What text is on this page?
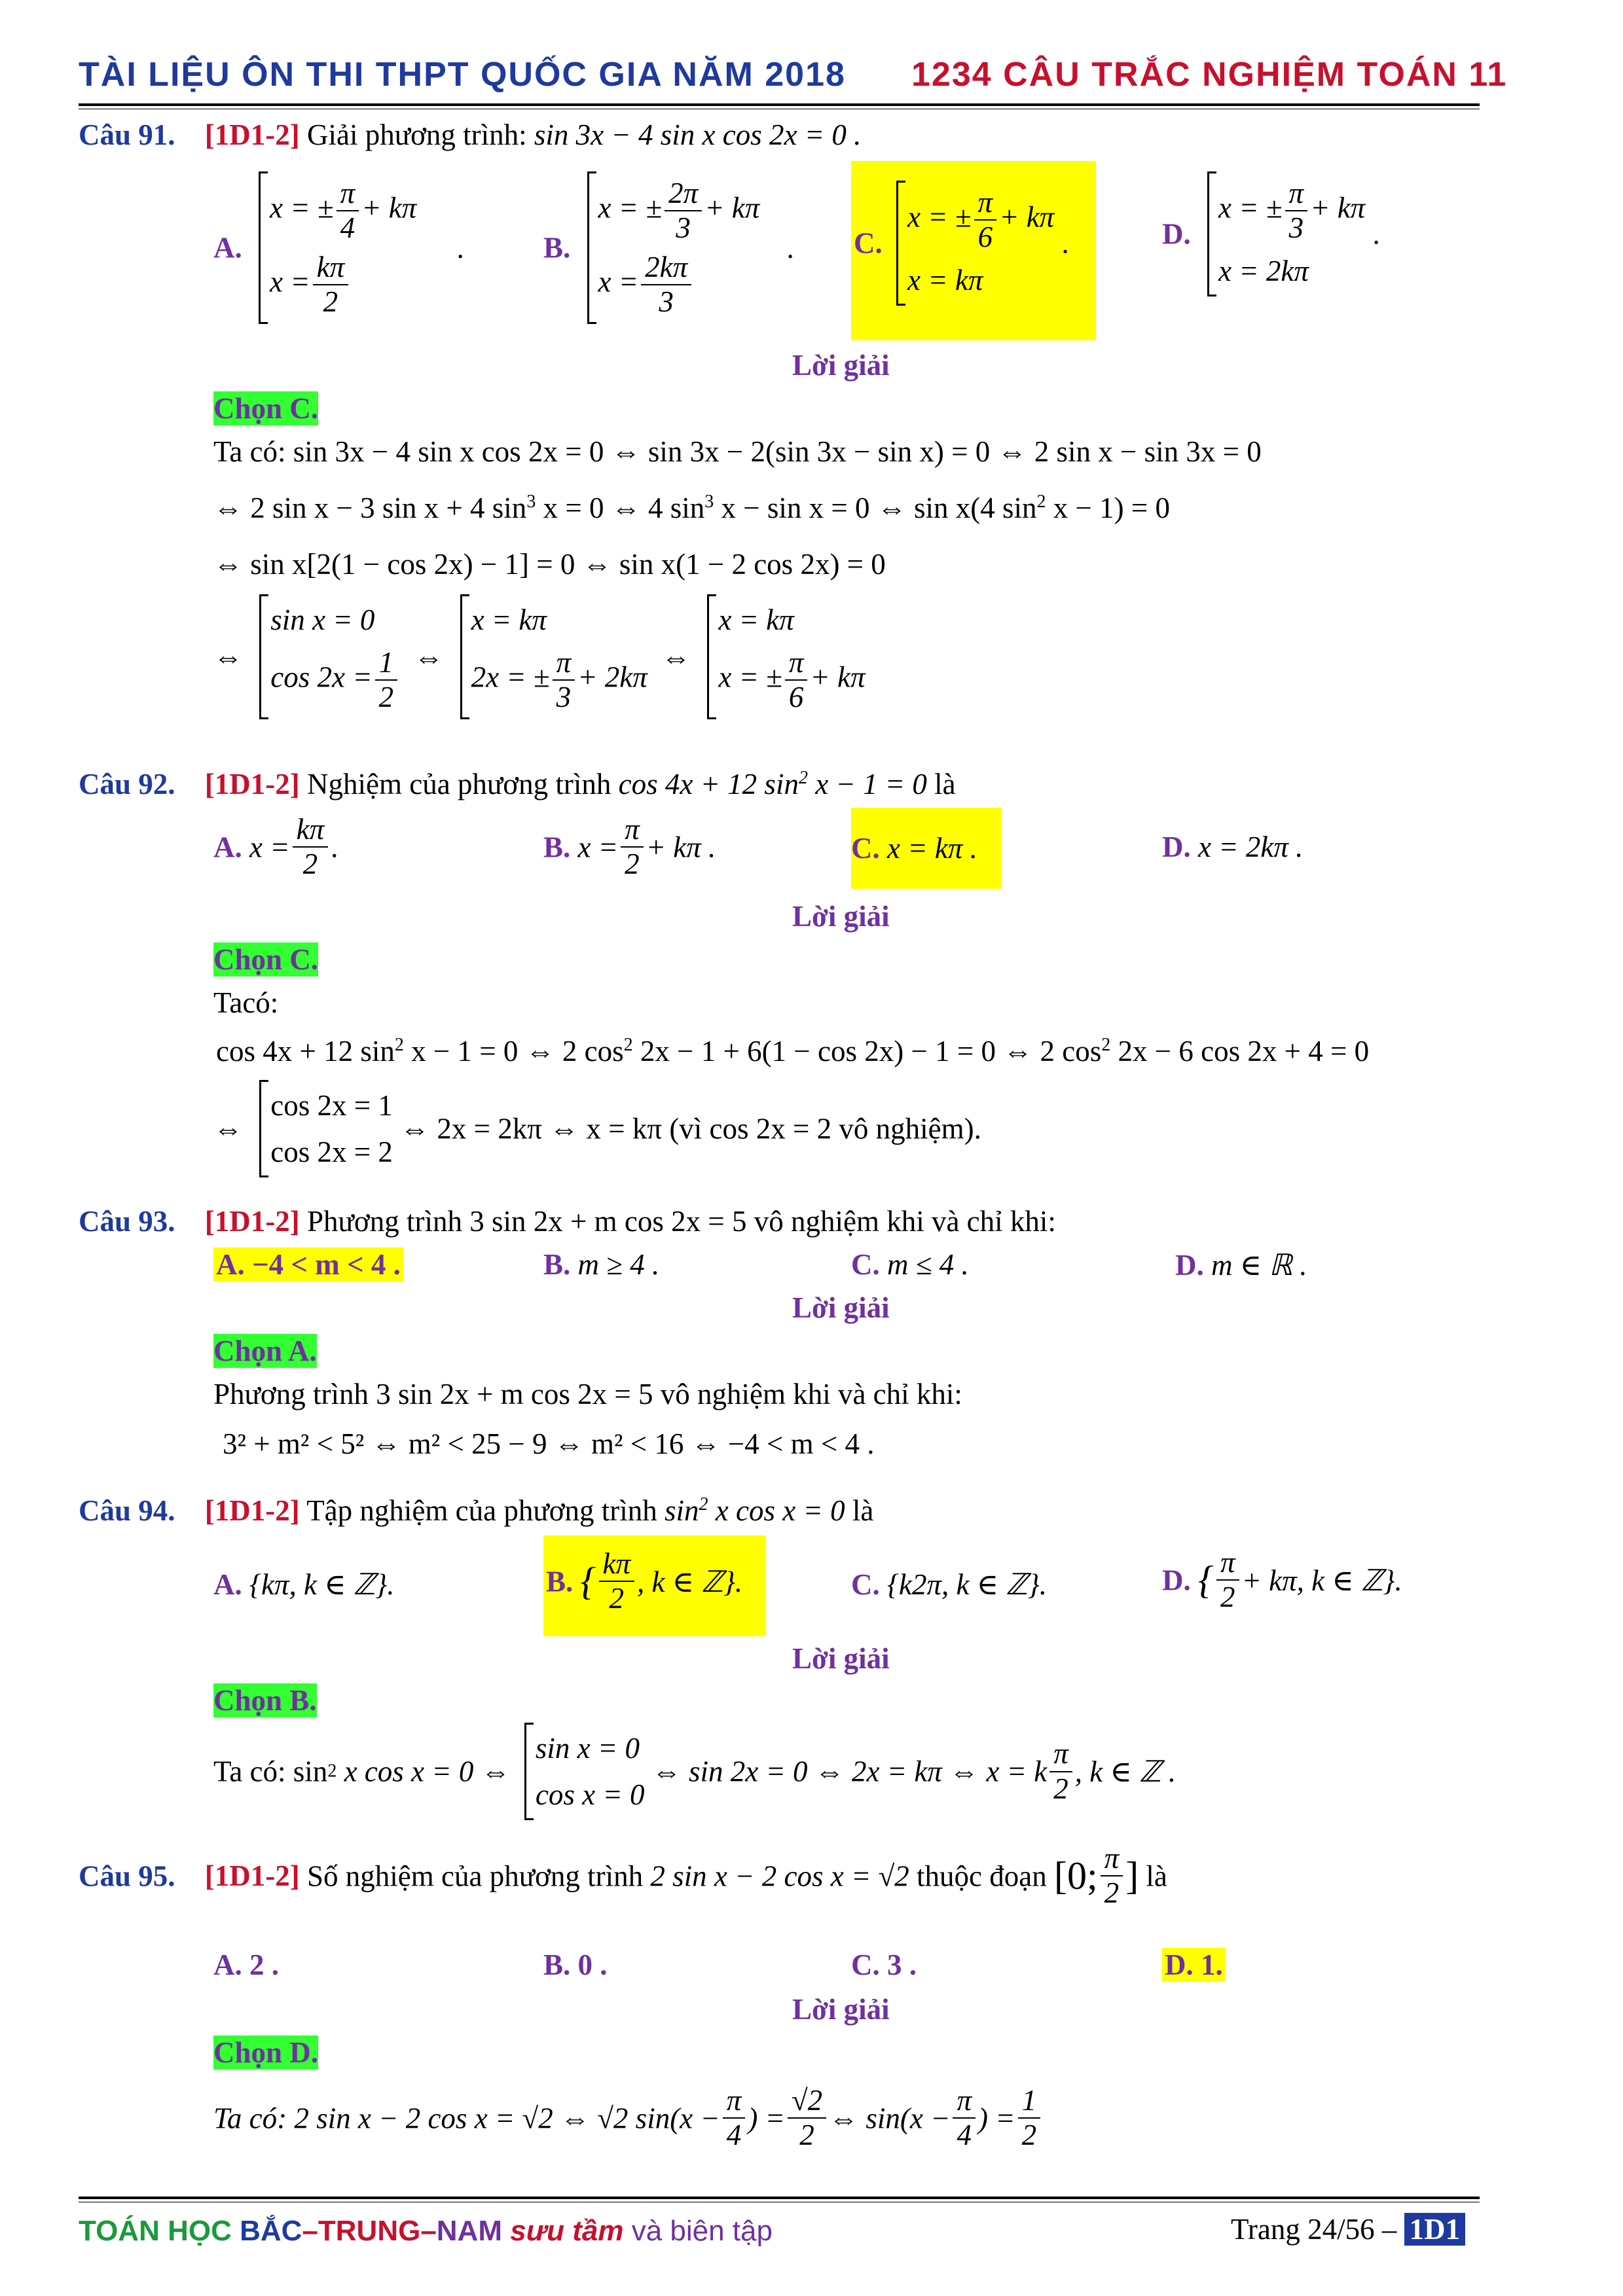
TÀI LIỆU ÔN THI THPT QUỐC GIA NĂM 2018 1234 CÂU TRẮC NGHIỆM TOÁN 11
Câu 91. [1D1-2] Giải phương trình: sin 3x − 4 sin x cos 2x = 0 .
A.
x = ± $\frac{\pi}{4} + k\pi$
$x = \frac{k\pi}{2}$
.	B.
x = ± $\frac{2\pi}{3} + k\pi$
$x = \frac{2k\pi}{3}$
. C.
x = ± $\frac{\pi}{6} + k\pi$
x = kπ
.	D.
x = ± $\frac{\pi}{3} + k\pi$
x = 2kπ
.
Lời giải
Chọn C.
Ta có: sin 3x − 4 sin x cos 2x = 0 ⇔ sin 3x − 2(sin 3x − sin x) = 0 ⇔ 2 sin x − sin 3x = 0
⇔ 2 sin x − 3 sin x + 4 $\sin^3 x = 0$ ⇔ 4 $\sin^3 x - \sin x = 0$ ⇔ sin x(4 $\sin^2 x - 1) = 0$
⇔ sin x[2(1 − cos 2x) − 1] = 0 ⇔ sin x(1 − 2 cos 2x) = 0
⇔
sin x = 0
$\cos 2x = \frac{1}{2}$ ⇔
x = kπ
2x = ± $\frac{\pi}{3} + 2k\pi$
⇔
x = kπ
x = ± $\frac{\pi}{6} + k\pi$
Câu 92. [1D1-2] Nghiệm của phương trình cos 4x + 12 $\sin^2 x - 1 = 0$ là
A. $x = \frac{k\pi}{2}$ .	B. $x = \frac{\pi}{2} + k\pi$ .	C. x = kπ .	D. x = 2kπ .
Lời giải
Chọn C.
Tacó:
cos 4x + 12 $\sin^2 x - 1 = 0$ ⇔ 2 $\cos^2 2x - 1 + 6(1 - \cos 2x) - 1 = 0$ ⇔ 2 $\cos^2 2x - 6$ cos 2x + 4 = 0
⇔
cos 2x = 1
cos 2x = 2
⇔ 2x = 2kπ ⇔ x = kπ (vì cos 2x = 2 vô nghiệm).
Câu 93. [1D1-2] Phương trình 3 sin 2x + m cos 2x = 5 vô nghiệm khi và chỉ khi:
A. −4 < m < 4 .	B. m ≥ 4 .	C. m ≤ 4 .	D. m ∈ ℝ .
Lời giải
Chọn A.
Phương trình 3 sin 2x + m cos 2x = 5 vô nghiệm khi và chỉ khi:
3² + m² < 5² ⇔ m² < 25 − 9 ⇔ m² < 16 ⇔ −4 < m < 4 .
Câu 94. [1D1-2] Tập nghiệm của phương trình $\sin^2 x$ cos x = 0 là
A. {kπ, k ∈ ℤ}.	B. { $\frac{k\pi}{2}$ , k ∈ ℤ}.	C. {k2π, k ∈ ℤ}.	D. { $\frac{\pi}{2} + k\pi$, k ∈ ℤ}.
Lời giải
Chọn B.
Ta có: sin2 x cos x = 0 ⇔
sin x = 0
cos x = 0
⇔ sin 2x = 0 ⇔ 2x = kπ ⇔ x = k $\frac{\pi}{2}$ , k ∈ ℤ .
Câu 95. [1D1-2] Số nghiệm của phương trình 2 sin x − 2 cos x = √2 thuộc đoạn [0; $\frac{\pi}{2}$ ] là
A. 2 .	B. 0 .	C. 3 .	D. 1.
Lời giải
Chọn D.
Ta có: 2 sin x − 2 cos x = √2 ⇔ √2 $\sin(x - \frac{\pi}{4}$ ) = $\frac{√2}{2}$ ⇔ $\sin(x - \frac{\pi}{4}$ ) = $\frac{1}{2}$
TOÁN HỌC BẮC–TRUNG–NAM sưu tầm và biên tập	Trang 24/56 – 1D1
